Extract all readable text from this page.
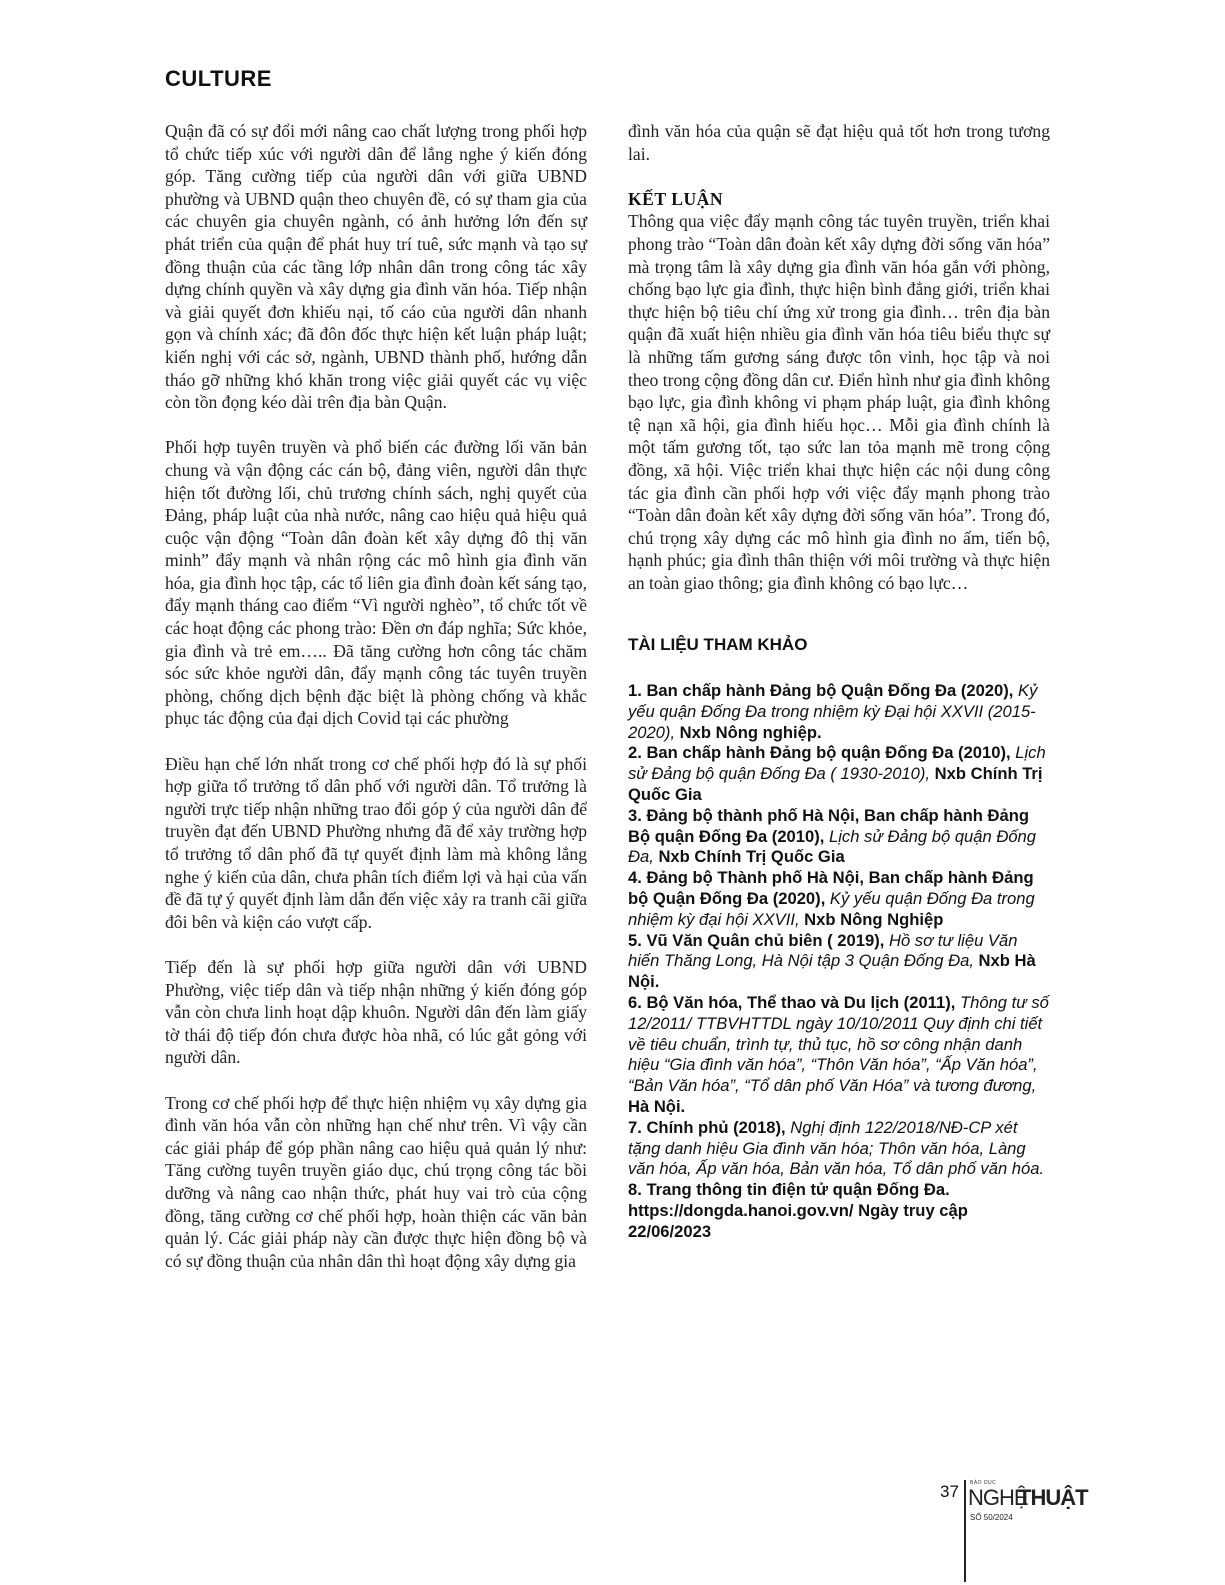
CULTURE

Quận đã có sự đổi mới nâng cao chất lượng trong phối hợp tổ chức tiếp xúc với người dân để lắng nghe ý kiến đóng góp. Tăng cường tiếp của người dân với giữa UBND phường và UBND quận theo chuyên đề, có sự tham gia của các chuyên gia chuyên ngành, có ảnh hưởng lớn đến sự phát triển của quận để phát huy trí tuê, sức mạnh và tạo sự đồng thuận của các tầng lớp nhân dân trong công tác xây dựng chính quyền và xây dựng gia đình văn hóa. Tiếp nhận và giải quyết đơn khiếu nại, tố cáo của người dân nhanh gọn và chính xác; đã đôn đốc thực hiện kết luận pháp luật; kiến nghị với các sở, ngành, UBND thành phố, hướng dẫn tháo gỡ những khó khăn trong việc giải quyết các vụ việc còn tồn đọng kéo dài trên địa bàn Quận.

Phối hợp tuyên truyền và phổ biến các đường lối văn bản chung và vận động các cán bộ, đảng viên, người dân thực hiện tốt đường lối, chủ trương chính sách, nghị quyết của Đảng, pháp luật của nhà nước, nâng cao hiệu quả hiệu quả cuộc vận động “Toàn dân đoàn kết xây dựng đô thị văn minh” đẩy mạnh và nhân rộng các mô hình gia đình văn hóa, gia đình học tập, các tổ liên gia đình đoàn kết sáng tạo, đẩy mạnh tháng cao điểm “Vì người nghèo”, tổ chức tốt về các hoạt động các phong trào: Đền ơn đáp nghĩa; Sức khỏe, gia đình và trẻ em….. Đã tăng cường hơn công tác chăm sóc sức khỏe người dân, đẩy mạnh công tác tuyên truyền phòng, chống dịch bệnh đặc biệt là phòng chống và khắc phục tác động của đại dịch Covid tại các phường

Điều hạn chế lớn nhất trong cơ chế phối hợp đó là sự phối hợp giữa tổ trưởng tổ dân phố với người dân. Tổ trưởng là người trực tiếp nhận những trao đổi góp ý của người dân để truyền đạt đến UBND Phường nhưng đã để xảy trường hợp tổ trưởng tổ dân phố đã tự quyết định làm mà không lắng nghe ý kiến của dân, chưa phân tích điểm lợi và hại của vấn đề đã tự ý quyết định làm dẫn đến việc xảy ra tranh cãi giữa đôi bên và kiện cáo vượt cấp.

Tiếp đến là sự phối hợp giữa người dân với UBND Phường, việc tiếp dân và tiếp nhận những ý kiến đóng góp vẫn còn chưa linh hoạt dập khuôn. Người dân đến làm giấy tờ thái độ tiếp đón chưa được hòa nhã, có lúc gắt gỏng với người dân.

Trong cơ chế phối hợp để thực hiện nhiệm vụ xây dựng gia đình văn hóa vẫn còn những hạn chế như trên. Vì vậy cần các giải pháp để góp phần nâng cao hiệu quả quản lý như: Tăng cường tuyên truyền giáo dục, chú trọng công tác bồi dưỡng và nâng cao nhận thức, phát huy vai trò của cộng đồng, tăng cường cơ chế phối hợp, hoàn thiện các văn bản quản lý. Các giải pháp này cần được thực hiện đồng bộ và có sự đồng thuận của nhân dân thì hoạt động xây dựng gia

đình văn hóa của quận sẽ đạt hiệu quả tốt hơn trong tương lai.

KẾT LUẬN

Thông qua việc đẩy mạnh công tác tuyên truyền, triển khai phong trào “Toàn dân đoàn kết xây dựng đời sống văn hóa” mà trọng tâm là xây dựng gia đình văn hóa gắn với phòng, chống bạo lực gia đình, thực hiện bình đẳng giới, triển khai thực hiện bộ tiêu chí ứng xử trong gia đình… trên địa bàn quận đã xuất hiện nhiều gia đình văn hóa tiêu biểu thực sự là những tấm gương sáng được tôn vinh, học tập và noi theo trong cộng đồng dân cư. Điển hình như gia đình không bạo lực, gia đình không vi phạm pháp luật, gia đình không tệ nạn xã hội, gia đình hiếu học… Mỗi gia đình chính là một tấm gương tốt, tạo sức lan tỏa mạnh mẽ trong cộng đồng, xã hội. Việc triển khai thực hiện các nội dung công tác gia đình cần phối hợp với việc đẩy mạnh phong trào “Toàn dân đoàn kết xây dựng đời sống văn hóa”. Trong đó, chú trọng xây dựng các mô hình gia đình no ấm, tiến bộ, hạnh phúc; gia đình thân thiện với môi trường và thực hiện an toàn giao thông; gia đình không có bạo lực…

TÀI LIỆU THAM KHẢO

1. Ban chấp hành Đảng bộ Quận Đống Đa (2020), Kỷ yếu quận Đống Đa trong nhiệm kỳ Đại hội XXVII (2015-2020), Nxb Nông nghiệp.

2. Ban chấp hành Đảng bộ quận Đống Đa (2010), Lịch sử Đảng bộ quận Đống Đa ( 1930-2010), Nxb Chính Trị Quốc Gia

3. Đảng bộ thành phố Hà Nội, Ban chấp hành Đảng Bộ quận Đống Đa (2010), Lịch sử Đảng bộ quận Đống Đa, Nxb Chính Trị Quốc Gia

4. Đảng bộ Thành phố Hà Nội, Ban chấp hành Đảng bộ Quận Đống Đa (2020), Kỷ yếu quận Đống Đa trong nhiệm kỳ đại hội XXVII, Nxb Nông Nghiệp

5. Vũ Văn Quân chủ biên ( 2019), Hồ sơ tư liệu Văn hiến Thăng Long, Hà Nội tập 3 Quận Đống Đa, Nxb Hà Nội.

6. Bộ Văn hóa, Thể thao và Du lịch (2011), Thông tư số 12/2011/ TTBVHTTDL ngày 10/10/2011 Quy định chi tiết về tiêu chuẩn, trình tự, thủ tục, hồ sơ công nhận danh hiệu “Gia đình văn hóa”, “Thôn Văn hóa”, “Ấp Văn hóa”, “Bản Văn hóa”, “Tổ dân phố Văn Hóa” và tương đương, Hà Nội.

7. Chính phủ (2018), Nghị định 122/2018/NĐ-CP xét tặng danh hiệu Gia đình văn hóa; Thôn văn hóa, Làng văn hóa, Ấp văn hóa, Bản văn hóa, Tổ dân phố văn hóa.

8. Trang thông tin điện tử quận Đống Đa. https://dongda.hanoi.gov.vn/ Ngày truy cập 22/06/2023

37 BÁO DỤC
NGHỆ
THUẬT
SỐ 50/2024
